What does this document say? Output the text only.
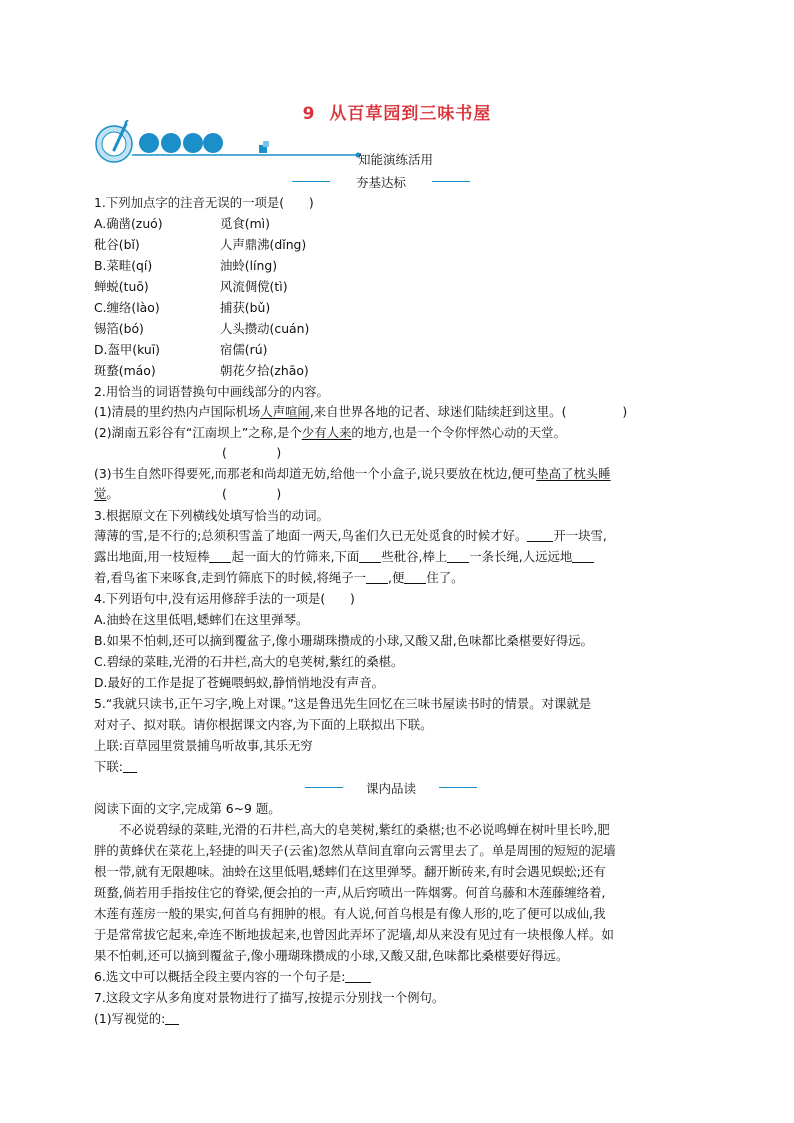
9 从百草园到三味书屋
知能演练活用
夯基达标
1.下列加点字的注音无误的一项是(　　)
A.确凿(zuó)	觅食(mì)
秕谷(bǐ)	人声鼎沸(dǐng)
B.菜畦(qí)	油蛉(líng)
蝉蜕(tuō)	风流倜傥(tì)
C.缠络(lào)	捕获(bǔ)
锡箔(bó)	人头攒动(cuán)
D.盔甲(kuī)	宿儒(rú)
斑蝥(máo)	朝花夕拾(zhāo)
2.用恰当的词语替换句中画线部分的内容。
(1)清晨的里约热内卢国际机场人声喧闹,来自世界各地的记者、球迷们陆续赶到这里。(	)
(2)湖南五彩谷有“江南坝上”之称,是个少有人来的地方,也是一个令你怦然心动的天堂。
(　　　　)
(3)书生自然吓得要死,而那老和尚却道无妨,给他一个小盒子,说只要放在枕边,便可垫高了枕头睡
觉。	(　　　　)
3.根据原文在下列横线处填写恰当的动词。
薄薄的雪,是不行的;总须积雪盖了地面一两天,鸟雀们久已无处觅食的时候才好。 开一块雪,
露出地面,用一枝短棒 起一面大的竹筛来,下面 些秕谷,棒上 一条长绳,人远远地
着,看鸟雀下来啄食,走到竹筛底下的时候,将绳子一 ,便 住了。
4.下列语句中,没有运用修辞手法的一项是(　　)
A.油蛉在这里低唱,蟋蟀们在这里弹琴。
B.如果不怕刺,还可以摘到覆盆子,像小珊瑚珠攒成的小球,又酸又甜,色味都比桑椹要好得远。
C.碧绿的菜畦,光滑的石井栏,高大的皂荚树,紫红的桑椹。
D.最好的工作是捉了苍蝇喂蚂蚁,静悄悄地没有声音。
5.“我就只读书,正午习字,晚上对课。”这是鲁迅先生回忆在三味书屋读书时的情景。对课就是
对对子、拟对联。请你根据课文内容,为下面的上联拟出下联。
上联:百草园里赏景捕鸟听故事,其乐无穷
下联:
课内品读
阅读下面的文字,完成第 6~9 题。
不必说碧绿的菜畦,光滑的石井栏,高大的皂荚树,紫红的桑椹;也不必说鸣蝉在树叶里长吟,肥
胖的黄蜂伏在菜花上,轻捷的叫天子(云雀)忽然从草间直窜向云霄里去了。单是周围的短短的泥墙
根一带,就有无限趣味。油蛉在这里低唱,蟋蟀们在这里弹琴。翻开断砖来,有时会遇见蜈蚣;还有
斑蝥,倘若用手指按住它的脊梁,便会拍的一声,从后窍喷出一阵烟雾。何首乌藤和木莲藤缠络着,
木莲有莲房一般的果实,何首乌有拥肿的根。有人说,何首乌根是有像人形的,吃了便可以成仙,我
于是常常拔它起来,牵连不断地拔起来,也曾因此弄坏了泥墙,却从来没有见过有一块根像人样。如
果不怕刺,还可以摘到覆盆子,像小珊瑚珠攒成的小球,又酸又甜,色味都比桑椹要好得远。
6.选文中可以概括全段主要内容的一个句子是:
7.这段文字从多角度对景物进行了描写,按提示分别找一个例句。
(1)写视觉的:
